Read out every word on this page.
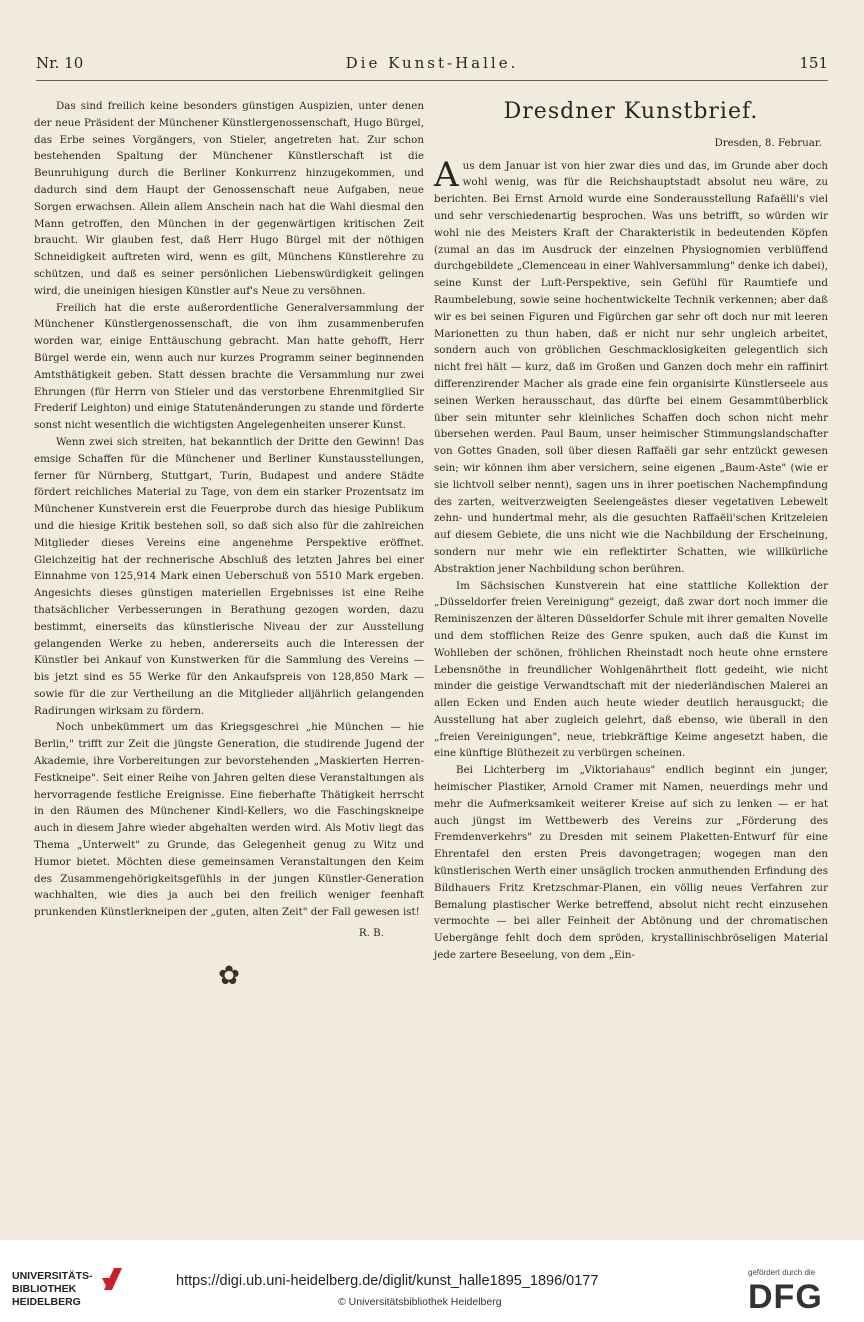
Nr. 10	Die Kunst-Halle.	151

Das sind freilich keine besonders günstigen Auspizien, unter denen der neue Präsident der Münchener Künstlergenossenschaft, Hugo Bürgel, das Erbe seines Vorgängers, von Stieler, angetreten hat. Zur schon bestehenden Spaltung der Münchener Künstlerschaft ist die Beunruhigung durch die Berliner Konkurrenz hinzugekommen, und dadurch sind dem Haupt der Genossenschaft neue Aufgaben, neue Sorgen erwachsen. Allein allem Anschein nach hat die Wahl diesmal den Mann getroffen, den München in der gegenwärtigen kritischen Zeit braucht. Wir glauben fest, daß Herr Hugo Bürgel mit der nöthigen Schneidigkeit auftreten wird, wenn es gilt, Münchens Künstlerehre zu schützen, und daß es seiner persönlichen Liebenswürdigkeit gelingen wird, die uneinigen hiesigen Künstler auf's Neue zu versöhnen.

Freilich hat die erste außerordentliche Generalversammlung der Münchener Künstlergenossenschaft, die von ihm zusammenberufen worden war, einige Enttäuschung gebracht. Man hatte gehofft, Herr Bürgel werde ein, wenn auch nur kurzes Programm seiner beginnenden Amtsthätigkeit geben. Statt dessen brachte die Versammlung nur zwei Ehrungen (für Herrn von Stieler und das verstorbene Ehrenmitglied Sir Frederif Leighton) und einige Statutenänderungen zu stande und förderte sonst nicht wesentlich die wichtigsten Angelegenheiten unserer Kunst.

Wenn zwei sich streiten, hat bekanntlich der Dritte den Gewinn! Das emsige Schaffen für die Münchener und Berliner Kunstausstellungen, ferner für Nürnberg, Stuttgart, Turin, Budapest und andere Städte fördert reichliches Material zu Tage, von dem ein starker Prozentsatz im Münchener Kunstverein erst die Feuerprobe durch das hiesige Publikum und die hiesige Kritik bestehen soll, so daß sich also für die zahlreichen Mitglieder dieses Vereins eine angenehme Perspektive eröffnet. Gleichzeitig hat der rechnerische Abschluß des letzten Jahres bei einer Einnahme von 125,914 Mark einen Ueberschuß von 5510 Mark ergeben. Angesichts dieses günstigen materiellen Ergebnisses ist eine Reihe thatsächlicher Verbesserungen in Berathung gezogen worden, dazu bestimmt, einerseits das künstlerische Niveau der zur Ausstellung gelangenden Werke zu heben, andererseits auch die Interessen der Künstler bei Ankauf von Kunstwerken für die Sammlung des Vereins — bis jetzt sind es 55 Werke für den Ankaufspreis von 128,850 Mark — sowie für die zur Vertheilung an die Mitglieder alljährlich gelangenden Radirungen wirksam zu fördern.

Noch unbekümmert um das Kriegsgeschrei „hie München — hie Berlin," trifft zur Zeit die jüngste Generation, die studirende Jugend der Akademie, ihre Vorbereitungen zur bevorstehenden „Maskierten Herren-Festkneipe". Seit einer Reihe von Jahren gelten diese Veranstaltungen als hervorragende festliche Ereignisse. Eine fieberhafte Thätigkeit herrscht in den Räumen des Münchener Kindl-Kellers, wo die Faschingskneipe auch in diesem Jahre wieder abgehalten werden wird. Als Motiv liegt das Thema „Unterwelt" zu Grunde, das Gelegenheit genug zu Witz und Humor bietet. Möchten diese gemeinsamen Veranstaltungen den Keim des Zusammengehörigkeitsgefühls in der jungen Künstler-Generation wachhalten, wie dies ja auch bei den freilich weniger feenhaft prunkenden Künstlerkneipen der „guten, alten Zeit" der Fall gewesen ist!

R. B.
✿
Dresdner Kunstbrief.
Dresden, 8. Februar.

Aus dem Januar ist von hier zwar dies und das, im Grunde aber doch wohl wenig, was für die Reichshauptstadt absolut neu wäre, zu berichten. Bei Ernst Arnold wurde eine Sonderausstellung Rafaëlli's viel und sehr verschiedenartig besprochen. Was uns betrifft, so würden wir wohl nie des Meisters Kraft der Charakteristik in bedeutenden Köpfen (zumal an das im Ausdruck der einzelnen Physiognomien verblüffend durchgebildete „Clemenceau in einer Wahlversammlung" denke ich dabei), seine Kunst der Luft-Perspektive, sein Gefühl für Raumtiefe und Raumbelebung, sowie seine hochentwickelte Technik verkennen; aber daß wir es bei seinen Figuren und Figürchen gar sehr oft doch nur mit leeren Marionetten zu thun haben, daß er nicht nur sehr ungleich arbeitet, sondern auch von gröblichen Geschmacklosigkeiten gelegentlich sich nicht frei hält — kurz, daß im Großen und Ganzen doch mehr ein raffinirt differenzirender Macher als grade eine fein organisirte Künstlerseele aus seinen Werken herausschaut, das dürfte bei einem Gesammtüberblick über sein mitunter sehr kleinliches Schaffen doch schon nicht mehr übersehen werden. Paul Baum, unser heimischer Stimmungslandschafter von Gottes Gnaden, soll über diesen Raffaëli gar sehr entzückt gewesen sein; wir können ihm aber versichern, seine eigenen „Baum-Aste" (wie er sie lichtvoll selber nennt), sagen uns in ihrer poetischen Nachempfindung des zarten, weitverzweigten Seelengeästes dieser vegetativen Lebewelt zehn- und hundertmal mehr, als die gesuchten Raffaëli'schen Kritzeleien auf diesem Gebiete, die uns nicht wie die Nachbildung der Erscheinung, sondern nur mehr wie ein reflektirter Schatten, wie willkürliche Abstraktion jener Nachbildung schon berühren.

Im Sächsischen Kunstverein hat eine stattliche Kollektion der „Düsseldorfer freien Vereinigung" gezeigt, daß zwar dort noch immer die Reminiszenzen der älteren Düsseldorfer Schule mit ihrer gemalten Novelle und dem stofflichen Reize des Genre spuken, auch daß die Kunst im Wohlleben der schönen, fröhlichen Rheinstadt noch heute ohne ernstere Lebensnöthe in freundlicher Wohlgenährtheit flott gedeiht, wie nicht minder die geistige Verwandtschaft mit der niederländischen Malerei an allen Ecken und Enden auch heute wieder deutlich herausguckt; die Ausstellung hat aber zugleich gelehrt, daß ebenso, wie überall in den „freien Vereinigungen", neue, triebkräftige Keime angesetzt haben, die eine künftige Blüthezeit zu verbürgen scheinen.

Bei Lichterberg im „Viktoriahaus" endlich beginnt ein junger, heimischer Plastiker, Arnold Cramer mit Namen, neuerdings mehr und mehr die Aufmerksamkeit weiterer Kreise auf sich zu lenken — er hat auch jüngst im Wettbewerb des Vereins zur „Förderung des Fremdenverkehrs" zu Dresden mit seinem Plaketten-Entwurf für eine Ehrentafel den ersten Preis davongetragen; wogegen man den künstlerischen Werth einer unsäglich trocken anmuthenden Erfindung des Bildhauers Fritz Kretzschmar-Planen, ein völlig neues Verfahren zur Bemalung plastischer Werke betreffend, absolut nicht recht einzusehen vermochte — bei aller Feinheit der Abtönung und der chromatischen Uebergänge fehlt doch dem spröden, krystallinischbröseligen Material jede zartere Beseelung, von dem „Ein-

UNIVERSITÄTS-
BIBLIOTHEK
HEIDELBERG
https://digi.ub.uni-heidelberg.de/diglit/kunst_halle1895_1896/0177
© Universitätsbibliothek Heidelberg
gefördert durch die
DFG
